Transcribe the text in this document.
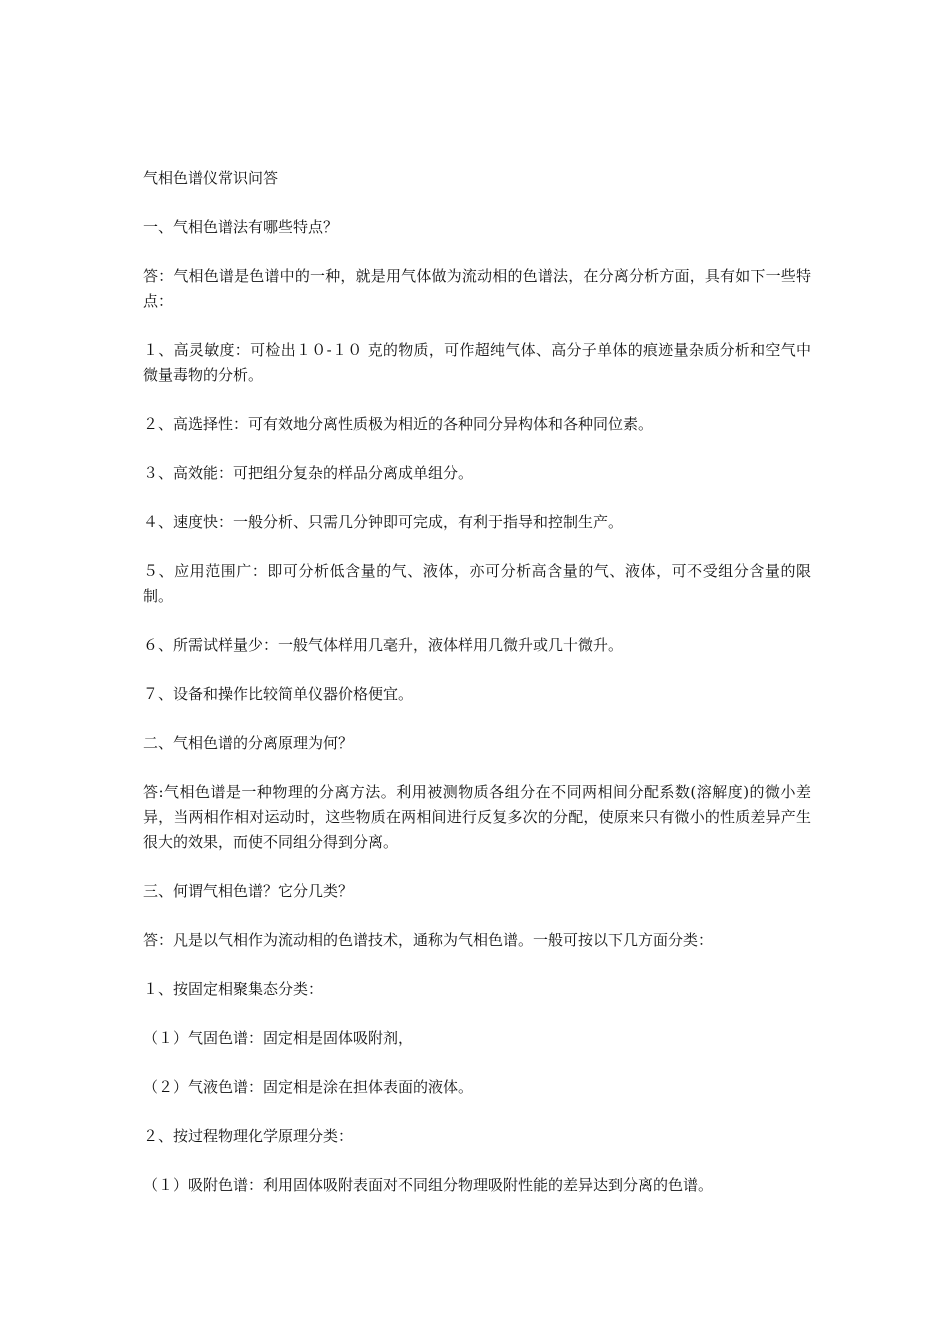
气相色谱仪常识问答

一、气相色谱法有哪些特点？

答：气相色谱是色谱中的一种，就是用气体做为流动相的色谱法，在分离分析方面，具有如下一些特点：

１、高灵敏度：可检出１０-１０ 克的物质，可作超纯气体、高分子单体的痕迹量杂质分析和空气中微量毒物的分析。

２、高选择性：可有效地分离性质极为相近的各种同分异构体和各种同位素。

３、高效能：可把组分复杂的样品分离成单组分。

４、速度快：一般分析、只需几分钟即可完成，有利于指导和控制生产。

５、应用范围广：即可分析低含量的气、液体，亦可分析高含量的气、液体，可不受组分含量的限制。

６、所需试样量少：一般气体样用几毫升，液体样用几微升或几十微升。

７、设备和操作比较简单仪器价格便宜。

二、气相色谱的分离原理为何？

答:气相色谱是一种物理的分离方法。利用被测物质各组分在不同两相间分配系数(溶解度)的微小差异，当两相作相对运动时，这些物质在两相间进行反复多次的分配，使原来只有微小的性质差异产生很大的效果，而使不同组分得到分离。

三、何谓气相色谱？它分几类？

答：凡是以气相作为流动相的色谱技术，通称为气相色谱。一般可按以下几方面分类：

１、按固定相聚集态分类：

（１）气固色谱：固定相是固体吸附剂，

（２）气液色谱：固定相是涂在担体表面的液体。

２、按过程物理化学原理分类：

（１）吸附色谱：利用固体吸附表面对不同组分物理吸附性能的差异达到分离的色谱。
